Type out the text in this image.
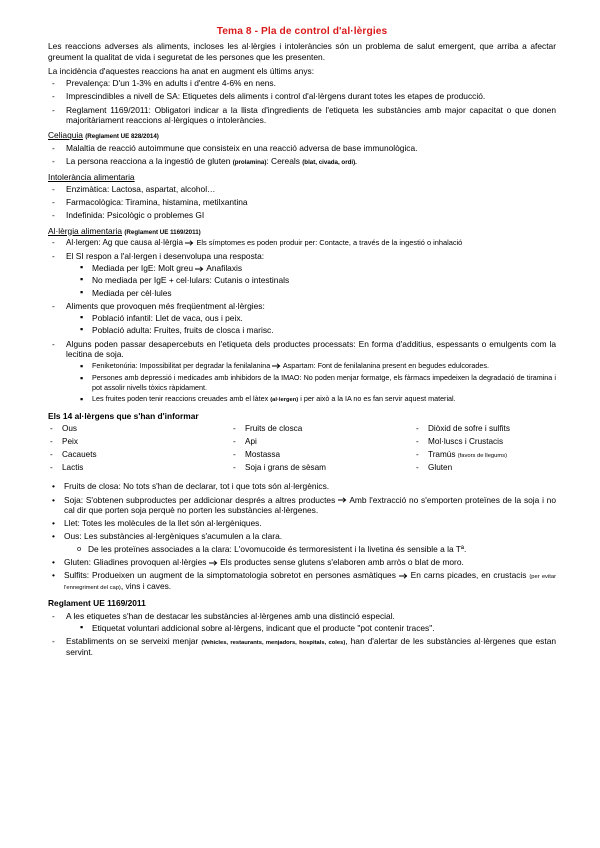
Tema 8 - Pla de control d'al·lèrgies

Les reaccions adverses als aliments, incloses les al·lèrgies i intoleràncies són un problema de salut emergent, que arriba a afectar greument la qualitat de vida i seguretat de les persones que les presenten.

La incidència d'aquestes reaccions ha anat en augment els últims anys:

- Prevalença: D'un 1-3% en adults i d'entre 4-6% en nens.
- Imprescindibles a nivell de SA: Etiquetes dels aliments i control d'al·lèrgens durant totes les etapes de producció.
- Reglament 1169/2011: Obligatori indicar a la llista d'ingredients de l'etiqueta les substàncies amb major capacitat o que donen majoritàriament reaccions al·lèrgiques o intoleràncies.

Celiaquia (Reglament UE 828/2014)

- Malaltia de reacció autoimmune que consisteix en una reacció adversa de base immunològica.
- La persona reacciona a la ingestió de gluten (prolamina): Cereals (blat, civada, ordi).

Intolerància alimentaria

- Enzimàtica: Lactosa, aspartat, alcohol…
- Farmacològica: Tiramina, histamina, metilxantina
- Indefinida: Psicològic o problemes GI

Al·lèrgia alimentaria (Reglament UE 1169/2011)

- Al·lergen: Ag que causa al·lèrgia Els símptomes es poden produir per: Contacte, a través de la ingestió o inhalació
- El SI respon a l'al·lergen i desenvolupa una resposta:
▪ Mediada per IgE: Molt greu Anafilaxis
▪ No mediada per IgE + cel·lulars: Cutanis o intestinals
▪ Mediada per cèl·lules
- Aliments que provoquen més freqüentment al·lèrgies:
▪ Població infantil: Llet de vaca, ous i peix.
▪ Població adulta: Fruites, fruits de closca i marisc.
- Alguns poden passar desapercebuts en l'etiqueta dels productes processats: En forma d'additius, espessants o emulgents com la lecitina de soja.
▪ Feniketonúria: Impossibilitat per degradar la fenilalanina Aspartam: Font de fenilalanina present en begudes edulcorades.
▪ Persones amb depressió i medicades amb inhibidors de la IMAO: No poden menjar formatge, els fàrmacs impedeixen la degradació de tiramina i pot assolir nivells tòxics ràpidament.
▪ Les fruites poden tenir reaccions creuades amb el làtex (al·lergen) i per això a la IA no es fan servir aquest material.

Els 14 al·lèrgens que s'han d'informar

- Ous	- Fruits de closca	- Diòxid de sofre i sulfits
- Peix	- Api	- Mol·luscs i Crustacis
- Cacauets	- Mostassa	- Tramús (favors de llegums)
- Lactis	- Soja i grans de sèsam	- Gluten
• Fruits de closa: No tots s'han de declarar, tot i que tots són al·lergènics.
• Soja: S'obtenen subproductes per addicionar després a altres productes Amb l'extracció no s'emporten proteïnes de la soja i no cal dir que porten soja perquè no porten les substàncies al·lèrgenes.
• Llet: Totes les molècules de la llet són al·lergèniques.
• Ous: Les substàncies al·lergèniques s'acumulen a la clara.
o De les proteïnes associades a la clara: L'ovomucoide és termoresistent i la livetina és sensible a la Tª.
• Gluten: Gliadines provoquen al·lèrgies Els productes sense glutens s'elaboren amb arròs o blat de moro.
• Sulfits: Produeixen un augment de la simptomatologia sobretot en persones asmàtiques En carns picades, en crustacis (per evitar l'ennegriment del cap), vins i caves.

Reglament UE 1169/2011

- A les etiquetes s'han de destacar les substàncies al·lèrgenes amb una distinció especial.
▪ Etiquetat voluntari addicional sobre al·lèrgens, indicant que el producte "pot contenir traces".
- Establiments on se serveixi menjar (Vehicles, restaurants, menjadors, hospitals, coles), han d'alertar de les substàncies al·lèrgenes que estan servint.
